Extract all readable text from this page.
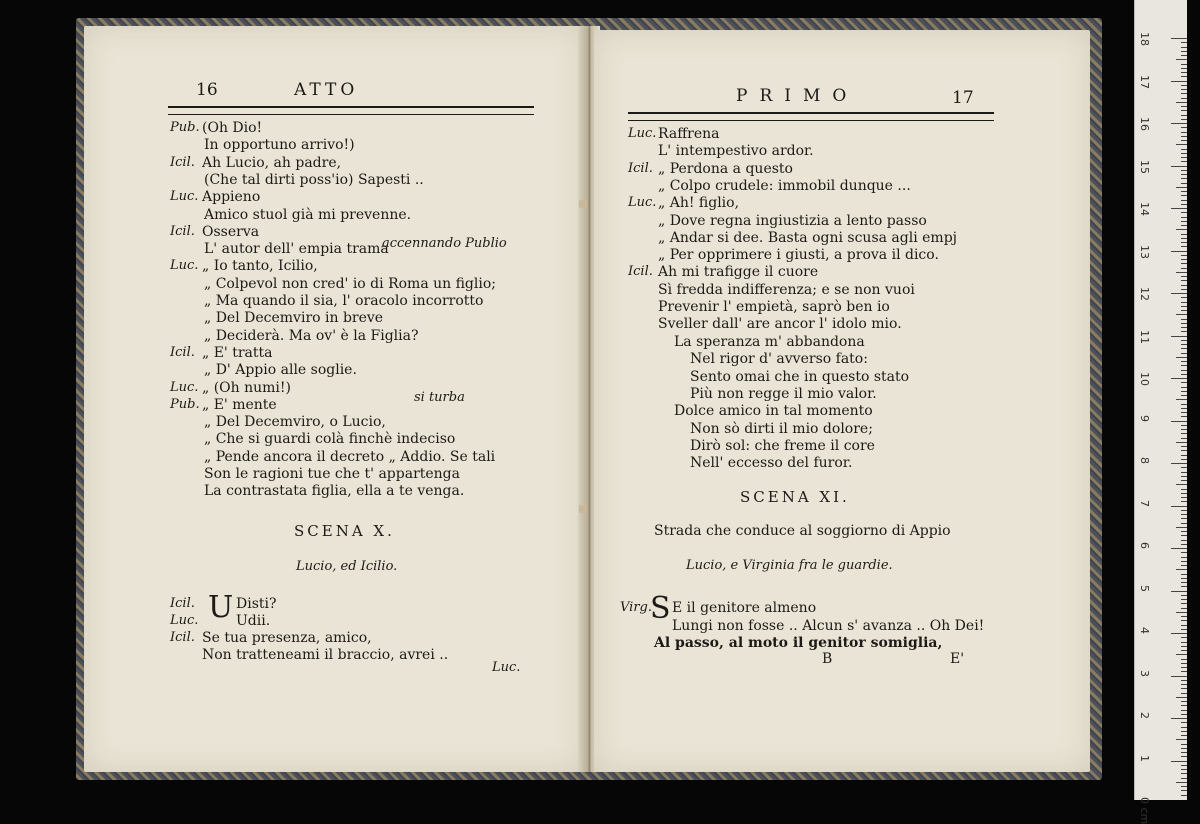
16	ATTO
Pub. (Oh Dio!
In opportuno arrivo!)
Icil. Ah Lucio, ah padre,
(Che tal dirti poss'io) Sapesti ..
Luc. Appieno
Amico stuol già mi prevenne.
Icil. Osserva
L' autor dell' empia trama
Luc. „ Io tanto, Icilio,
„ Colpevol non cred' io di Roma un figlio;
„ Ma quando il sia, l' oracolo incorrotto
„ Del Decemviro in breve
„ Deciderà. Ma ov' è la Figlia?
Icil. „ E' tratta
„ D' Appio alle soglie.
Luc. „ (Oh numi!)
Pub. „ E' mente
„ Del Decemviro, o Lucio,
„ Che si guardi colà finchè indeciso
„ Pende ancora il decreto „ Addio. Se tali
Son le ragioni tue che t' appartenga
La contrastata figlia, ella a te venga.
accennando Publio
si turba
SCENA X.
Lucio, ed Icilio.
U
Icil.	Disti?
Luc.	Udii.
Icil. Se tua presenza, amico,
Non tratteneami il braccio, avrei ..
Luc.
PRIMO	17
Luc. Raffrena
L' intempestivo ardor.
Icil. „ Perdona a questo
„ Colpo crudele: immobil dunque ...
Luc. „ Ah! figlio,
„ Dove regna ingiustizia a lento passo
„ Andar si dee. Basta ogni scusa agli empj
„ Per opprimere i giusti, a prova il dico.
Icil. Ah mi trafigge il cuore
Sì fredda indifferenza; e se non vuoi
Prevenir l' empietà, saprò ben io
Sveller dall' are ancor l' idolo mio.
La speranza m' abbandona
Nel rigor d' avverso fato:
Sento omai che in questo stato
Più non regge il mio valor.
Dolce amico in tal momento
Non sò dirti il mio dolore;
Dirò sol: che freme il core
Nell' eccesso del furor.
SCENA XI.
Strada che conduce al soggiorno di Appio
Lucio, e Virginia fra le guardie.
Virg.
S E il genitore almeno
Lungi non fosse .. Alcun s' avanza .. Oh Dei!
Al passo, al moto il genitor somiglia,
B	E'
18
17
16
15
14
13
12
11
10
9
8
7
6
5
4
3
2
1
0 cm
